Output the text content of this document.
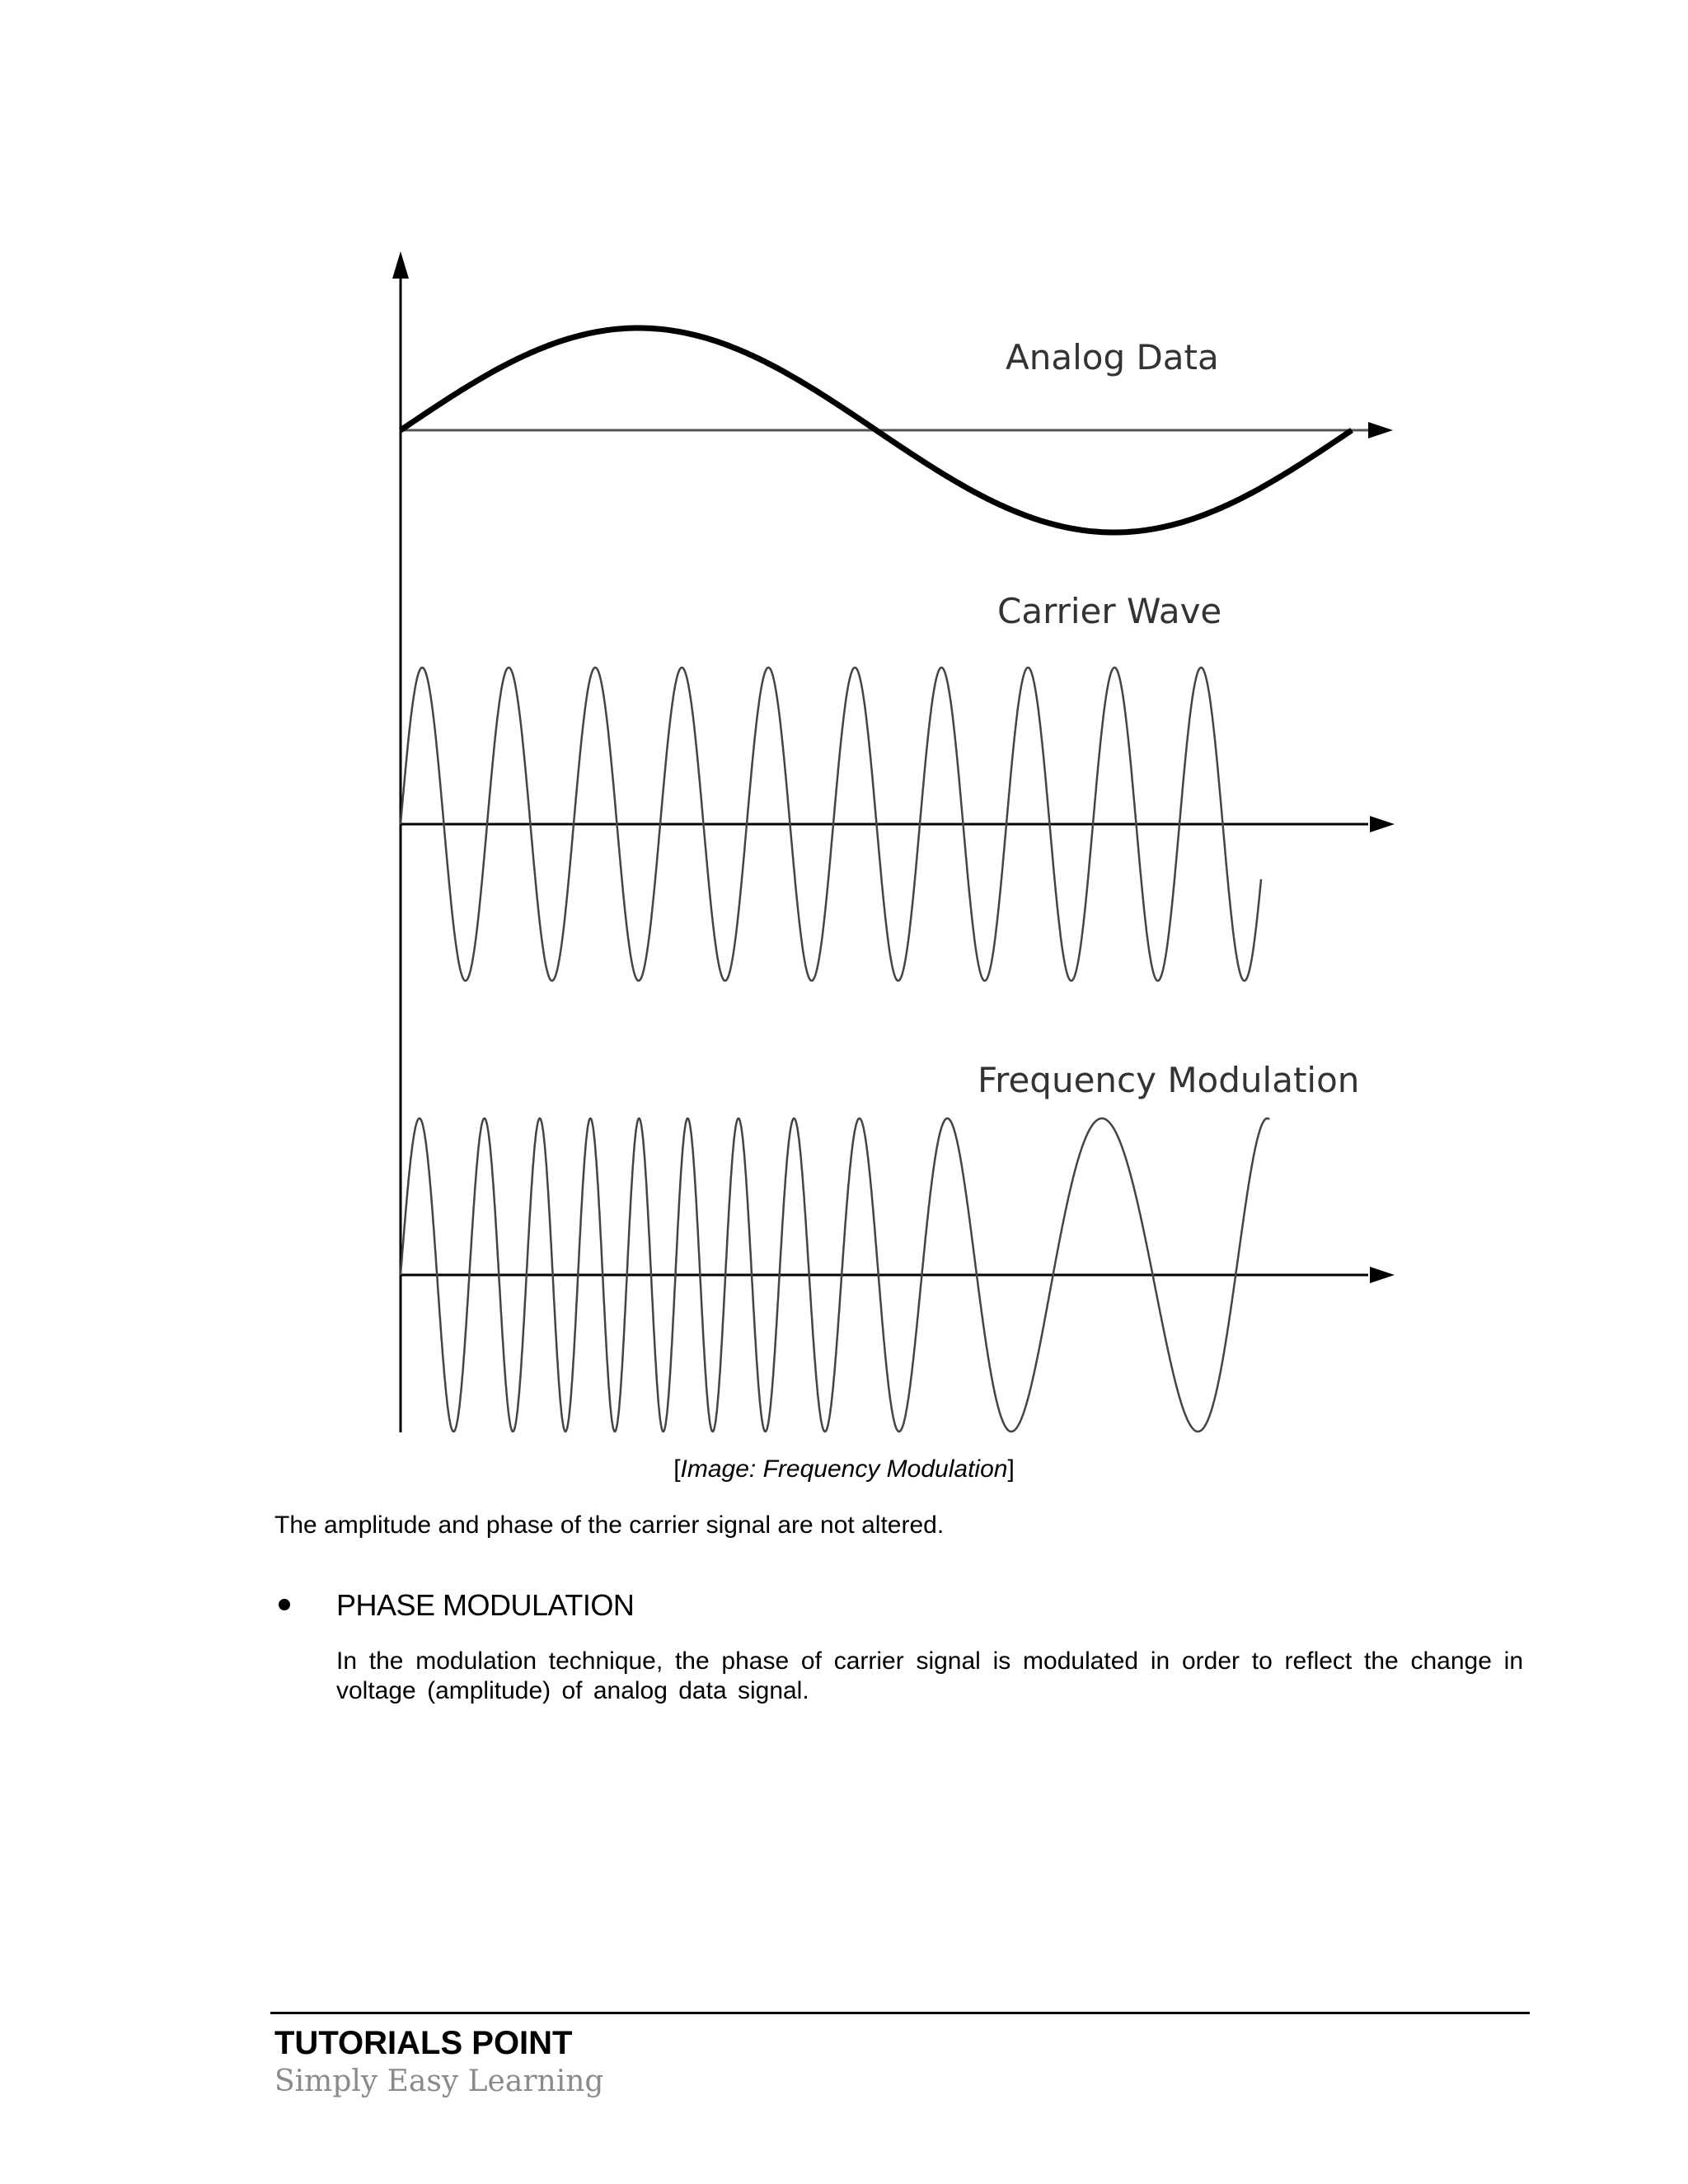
Analog Data
Carrier Wave
Frequency Modulation
[Image: Frequency Modulation]
The amplitude and phase of the carrier signal are not altered.
PHASE MODULATION
In the modulation technique, the phase of carrier signal is modulated in order to reflect the change in voltage (amplitude) of analog data signal.
TUTORIALS POINT
Simply Easy Learning
